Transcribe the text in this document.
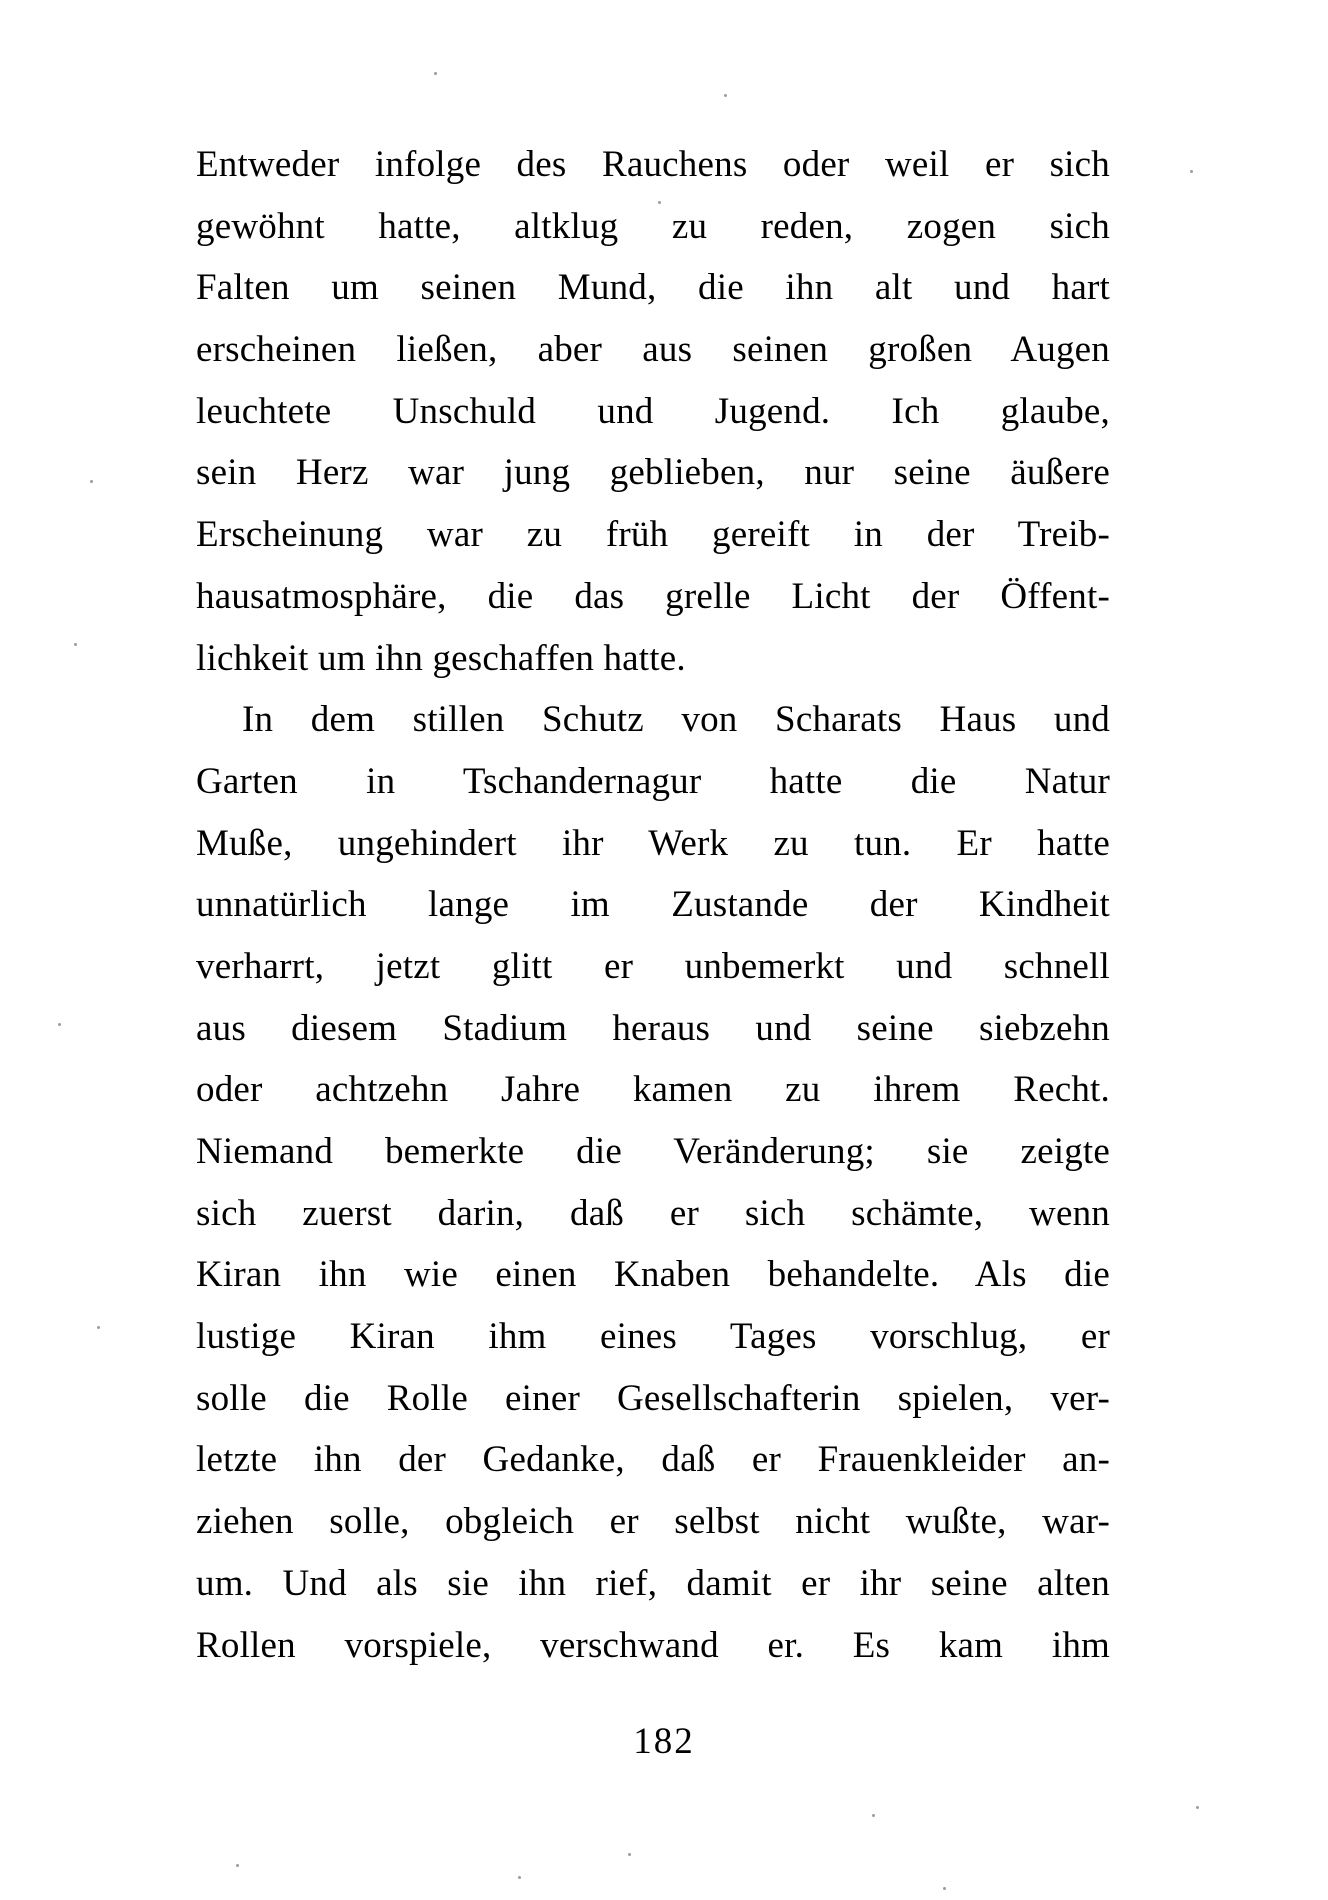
Entweder infolge des Rauchens oder weil er sich
gewöhnt hatte, altklug zu reden, zogen sich
Falten um seinen Mund, die ihn alt und hart
erscheinen ließen, aber aus seinen großen Augen
leuchtete Unschuld und Jugend. Ich glaube,
sein Herz war jung geblieben, nur seine äußere
Erscheinung war zu früh gereift in der Treib-
hausatmosphäre, die das grelle Licht der Öffent-
lichkeit um ihn geschaffen hatte.
In dem stillen Schutz von Scharats Haus und
Garten in Tschandernagur hatte die Natur
Muße, ungehindert ihr Werk zu tun. Er hatte
unnatürlich lange im Zustande der Kindheit
verharrt, jetzt glitt er unbemerkt und schnell
aus diesem Stadium heraus und seine siebzehn
oder achtzehn Jahre kamen zu ihrem Recht.
Niemand bemerkte die Veränderung; sie zeigte
sich zuerst darin, daß er sich schämte, wenn
Kiran ihn wie einen Knaben behandelte. Als die
lustige Kiran ihm eines Tages vorschlug, er
solle die Rolle einer Gesellschafterin spielen, ver-
letzte ihn der Gedanke, daß er Frauenkleider an-
ziehen solle, obgleich er selbst nicht wußte, war-
um. Und als sie ihn rief, damit er ihr seine alten
Rollen vorspiele, verschwand er. Es kam ihm
182
